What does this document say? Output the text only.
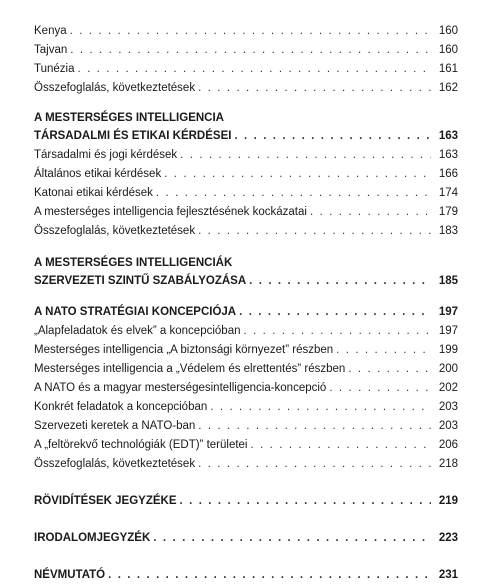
Kenya . . .	160
Tajvan . . .	160
Tunézia . . .	161
Összefoglalás, következtetések . . .	162
A MESTERSÉGES INTELLIGENCIA
TÁRSADALMI ÉS ETIKAI KÉRDÉSEI . . .	163
Társadalmi és jogi kérdések . . .	163
Általános etikai kérdések . . .	166
Katonai etikai kérdések . . .	174
A mesterséges intelligencia fejlesztésének kockázatai . . .	179
Összefoglalás, következtetések . . .	183
A MESTERSÉGES INTELLIGENCIÁK
SZERVEZETI SZINTŰ SZABÁLYOZÁSA . . .	185
A NATO STRATÉGIAI KONCEPCIÓJA . . .	197
„Alapfeladatok és elvek” a koncepcióban . . .	197
Mesterséges intelligencia „A biztonsági környezet” részben . . .	199
Mesterséges intelligencia a „Védelem és elrettentés” részben . . .	200
A NATO és a magyar mesterségesintelligencia-koncepció . . .	202
Konkrét feladatok a koncepcióban . . .	203
Szervezeti keretek a NATO-ban . . .	203
A „feltörekvő technológiák (EDT)” területei . . .	206
Összefoglalás, következtetések . . .	218
RÖVIDÍTÉSEK JEGYZÉKE . . .	219
IRODALOMJEGYZÉK . . .	223
NÉVMUTATÓ . . .	231
